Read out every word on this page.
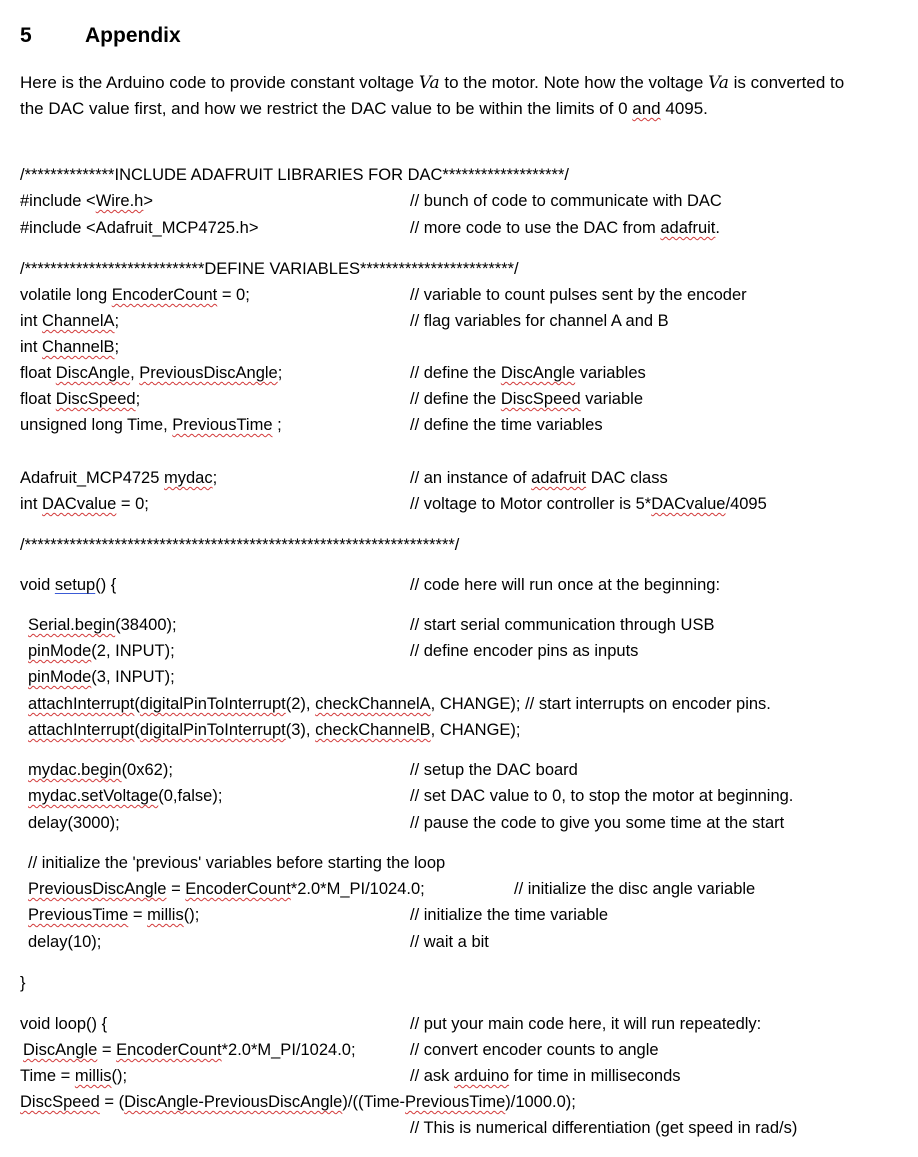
5	Appendix
Here is the Arduino code to provide constant voltage Va to the motor. Note how the voltage Va is converted to the DAC value first, and how we restrict the DAC value to be within the limits of 0 and 4095.
/**************INCLUDE ADAFRUIT LIBRARIES FOR DAC*******************/
#include <Wire.h>	// bunch of code to communicate with DAC
#include <Adafruit_MCP4725.h>	// more code to use the DAC from adafruit.
/****************************DEFINE VARIABLES************************/
volatile long EncoderCount = 0;	// variable to count pulses sent by the encoder
int ChannelA;	// flag variables for channel A and B
int ChannelB;
float DiscAngle, PreviousDiscAngle;	// define the DiscAngle variables
float DiscSpeed;	// define the DiscSpeed variable
unsigned long Time, PreviousTime ;	// define the time variables
Adafruit_MCP4725 mydac;	// an instance of adafruit DAC class
int DACvalue = 0;	// voltage to Motor controller is 5*DACvalue/4095
/*******************************************************************/
void setup() {	// code here will run once at the beginning:
Serial.begin(38400);	// start serial communication through USB
pinMode(2, INPUT);	// define encoder pins as inputs
pinMode(3, INPUT);
attachInterrupt(digitalPinToInterrupt(2), checkChannelA, CHANGE); // start interrupts on encoder pins.
attachInterrupt(digitalPinToInterrupt(3), checkChannelB, CHANGE);
mydac.begin(0x62);	// setup the DAC board
mydac.setVoltage(0,false);	// set DAC value to 0, to stop the motor at beginning.
delay(3000);	// pause the code to give you some time at the start
// initialize the 'previous' variables before starting the loop
PreviousDiscAngle = EncoderCount*2.0*M_PI/1024.0;	// initialize the disc angle variable
PreviousTime = millis();	// initialize the time variable
delay(10);	// wait a bit
}
void loop() {	// put your main code here, it will run repeatedly:
DiscAngle = EncoderCount*2.0*M_PI/1024.0;	// convert encoder counts to angle
Time = millis();	// ask arduino for time in milliseconds
DiscSpeed = (DiscAngle-PreviousDiscAngle)/((Time-PreviousTime)/1000.0);
// This is numerical differentiation (get speed in rad/s)
